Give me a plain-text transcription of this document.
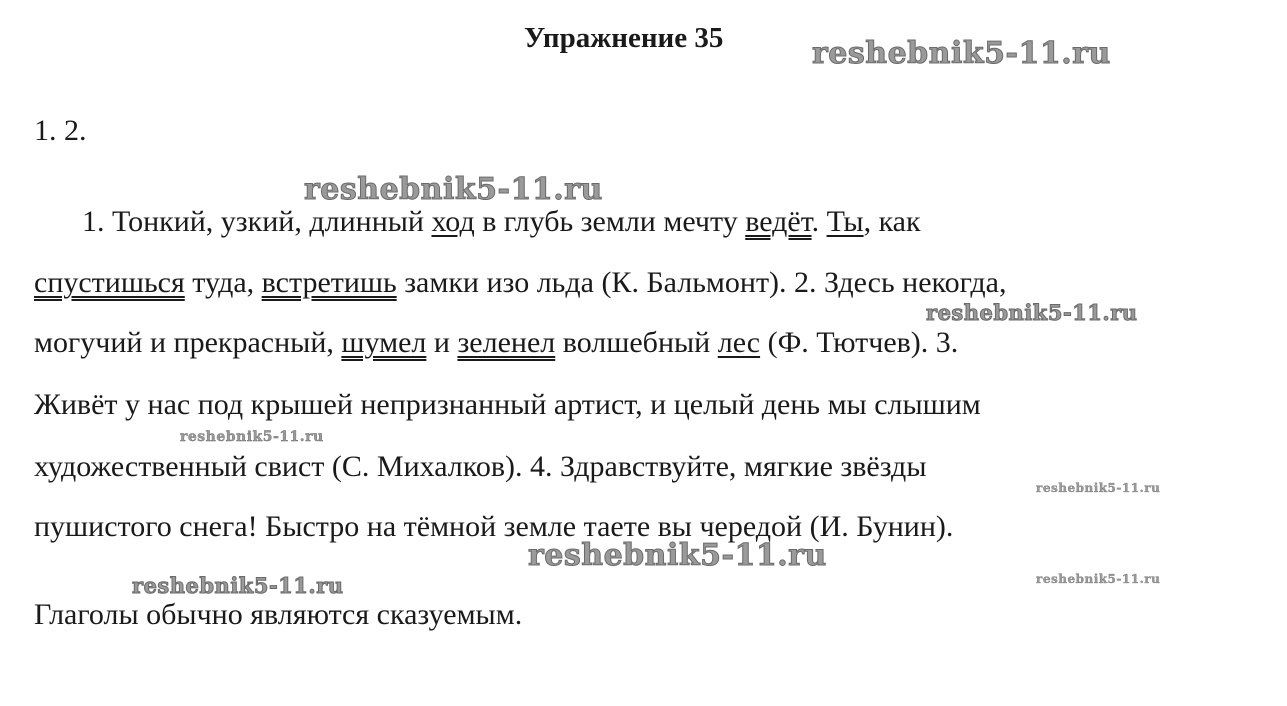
Упражнение 35	reshebnik5-11.ru
1. 2.
reshebnik5-11.ru
1. Тонкий, узкий, длинный ход в глубь земли мечту ведёт. Ты, как
спустишься туда, встретишь замки изо льда (К. Бальмонт). 2. Здесь некогда,
reshebnik5-11.ru
могучий и прекрасный, шумел и зеленел волшебный лес (Ф. Тютчев). 3.
Живёт у нас под крышей непризнанный артист, и целый день мы слышим
reshebnik5-11.ru
художественный свист (С. Михалков). 4. Здравствуйте, мягкие звёзды
reshebnik5-11.ru
пушистого снега! Быстро на тёмной земле таете вы чередой (И. Бунин).
reshebnik5-11.ru
reshebnik5-11.ru	reshebnik5-11.ru
Глаголы обычно являются сказуемым.
